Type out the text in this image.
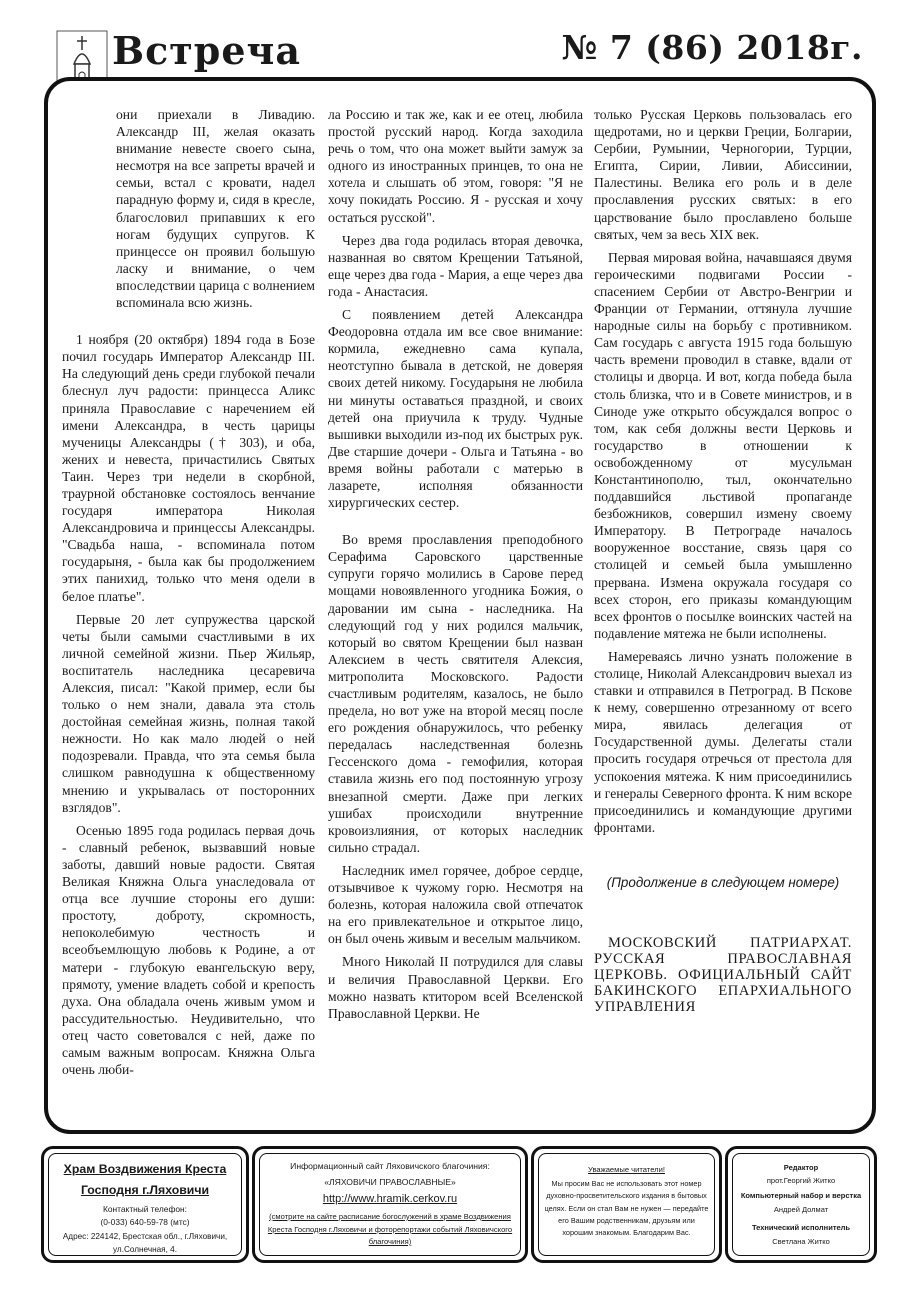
Встреча	№ 7 (86) 2018г.

они приехали в Ливадию. Александр III, желая оказать внимание невесте своего сына, несмотря на все запреты врачей и семьи, встал с кровати, надел парадную форму и, сидя в кресле, благословил припавших к его ногам будущих супругов. К принцессе он проявил большую ласку и внимание, о чем впоследствии царица с волнением вспоминала всю жизнь.

1 ноября (20 октября) 1894 года в Бозе почил государь Император Александр III. На следующий день среди глубокой печали блеснул луч радости: принцесса Аликс приняла Православие с наречением ей имени Александра, в честь царицы мученицы Александры († 303), и оба, жених и невеста, причастились Святых Таин. Через три недели в скорбной, траурной обстановке состоялось венчание государя императора Николая Александровича и принцессы Александры. "Свадьба наша, - вспоминала потом государыня, - была как бы продолжением этих панихид, только что меня одели в белое платье".

Первые 20 лет супружества царской четы были самыми счастливыми в их личной семейной жизни. Пьер Жильяр, воспитатель наследника цесаревича Алексия, писал: "Какой пример, если бы только о нем знали, давала эта столь достойная семейная жизнь, полная такой нежности. Но как мало людей о ней подозревали. Правда, что эта семья была слишком равнодушна к общественному мнению и укрывалась от посторонних взглядов".

Осенью 1895 года родилась первая дочь - славный ребенок, вызвавший новые заботы, давший новые радости. Святая Великая Княжна Ольга унаследовала от отца все лучшие стороны его души: простоту, доброту, скромность, непоколебимую честность и всеобъемлющую любовь к Родине, а от матери - глубокую евангельскую веру, прямоту, умение владеть собой и крепость духа. Она обладала очень живым умом и рассудительностью. Неудивительно, что отец часто советовался с ней, даже по самым важным вопросам. Княжна Ольга очень люби-

ла Россию и так же, как и ее отец, любила простой русский народ. Когда заходила речь о том, что она может выйти замуж за одного из иностранных принцев, то она не хотела и слышать об этом, говоря: "Я не хочу покидать Россию. Я - русская и хочу остаться русской".

Через два года родилась вторая девочка, названная во святом Крещении Татьяной, еще через два года - Мария, а еще через два года - Анастасия.

С появлением детей Александра Феодоровна отдала им все свое внимание: кормила, ежедневно сама купала, неотступно бывала в детской, не доверяя своих детей никому. Государыня не любила ни минуты оставаться праздной, и своих детей она приучила к труду. Чудные вышивки выходили из-под их быстрых рук. Две старшие дочери - Ольга и Татьяна - во время войны работали с матерью в лазарете, исполняя обязанности хирургических сестер.

Во время прославления преподобного Серафима Саровского царственные супруги горячо молились в Сарове перед мощами новоявленного угодника Божия, о даровании им сына - наследника. На следующий год у них родился мальчик, который во святом Крещении был назван Алексием в честь святителя Алексия, митрополита Московского. Радости счастливым родителям, казалось, не было предела, но вот уже на второй месяц после его рождения обнаружилось, что ребенку передалась наследственная болезнь Гессенского дома - гемофилия, которая ставила жизнь его под постоянную угрозу внезапной смерти. Даже при легких ушибах происходили внутренние кровоизлияния, от которых наследник сильно страдал.

Наследник имел горячее, доброе сердце, отзывчивое к чужому горю. Несмотря на болезнь, которая наложила свой отпечаток на его привлекательное и открытое лицо, он был очень живым и веселым мальчиком.

Много Николай II потрудился для славы и величия Православной Церкви. Его можно назвать ктитором всей Вселенской Православной Церкви. Не

только Русская Церковь пользовалась его щедротами, но и церкви Греции, Болгарии, Сербии, Румынии, Черногории, Турции, Египта, Сирии, Ливии, Абиссинии, Палестины. Велика его роль и в деле прославления русских святых: в его царствование было прославлено больше святых, чем за весь XIX век.

Первая мировая война, начавшаяся двумя героическими подвигами России - спасением Сербии от Австро-Венгрии и Франции от Германии, оттянула лучшие народные силы на борьбу с противником. Сам государь с августа 1915 года большую часть времени проводил в ставке, вдали от столицы и дворца. И вот, когда победа была столь близка, что и в Совете министров, и в Синоде уже открыто обсуждался вопрос о том, как себя должны вести Церковь и государство в отношении к освобожденному от мусульман Константинополю, тыл, окончательно поддавшийся льстивой пропаганде безбожников, совершил измену своему Императору. В Петрограде началось вооруженное восстание, связь царя со столицей и семьей была умышленно прервана. Измена окружала государя со всех сторон, его приказы командующим всех фронтов о посылке воинских частей на подавление мятежа не были исполнены.

Намереваясь лично узнать положение в столице, Николай Александрович выехал из ставки и отправился в Петроград. В Пскове к нему, совершенно отрезанному от всего мира, явилась делегация от Государственной думы. Делегаты стали просить государя отречься от престола для успокоения мятежа. К ним присоединились и генералы Северного фронта. К ним вскоре присоединились и командующие другими фронтами.

(Продолжение в следующем номере)

МОСКОВСКИЙ ПАТРИАРХАТ. РУССКАЯ ПРАВОСЛАВНАЯ ЦЕРКОВЬ. ОФИЦИАЛЬНЫЙ САЙТ БАКИНСКОГО ЕПАРХИАЛЬНОГО УПРАВЛЕНИЯ

Храм Воздвижения Креста
Господня г.Ляховичи
Контактный телефон:
(0-033) 640-59-78 (мтс)
Адрес: 224142, Брестская обл., г.Ляховичи, ул.Солнечная, 4.
Информационный сайт Ляховичского благочиния:
«ЛЯХОВИЧИ ПРАВОСЛАВНЫЕ»
http://www.hramik.cerkov.ru
(смотрите на сайте расписание богослужений в храме Воздвижения Креста Господня г.Ляховичи и фоторепортажи событий Ляховичского благочиния)
Уважаемые читатели!
Мы просим Вас не использовать этот номер духовно-просветительского издания в бытовых целях. Если он стал Вам не нужен — передайте его Вашим родственникам, друзьям или хорошим знакомым. Благодарим Вас.
Редактор
прот.Георгий Житко
Компьютерный набор и верстка
Андрей Долмат
Технический исполнитель
Светлана Житко
